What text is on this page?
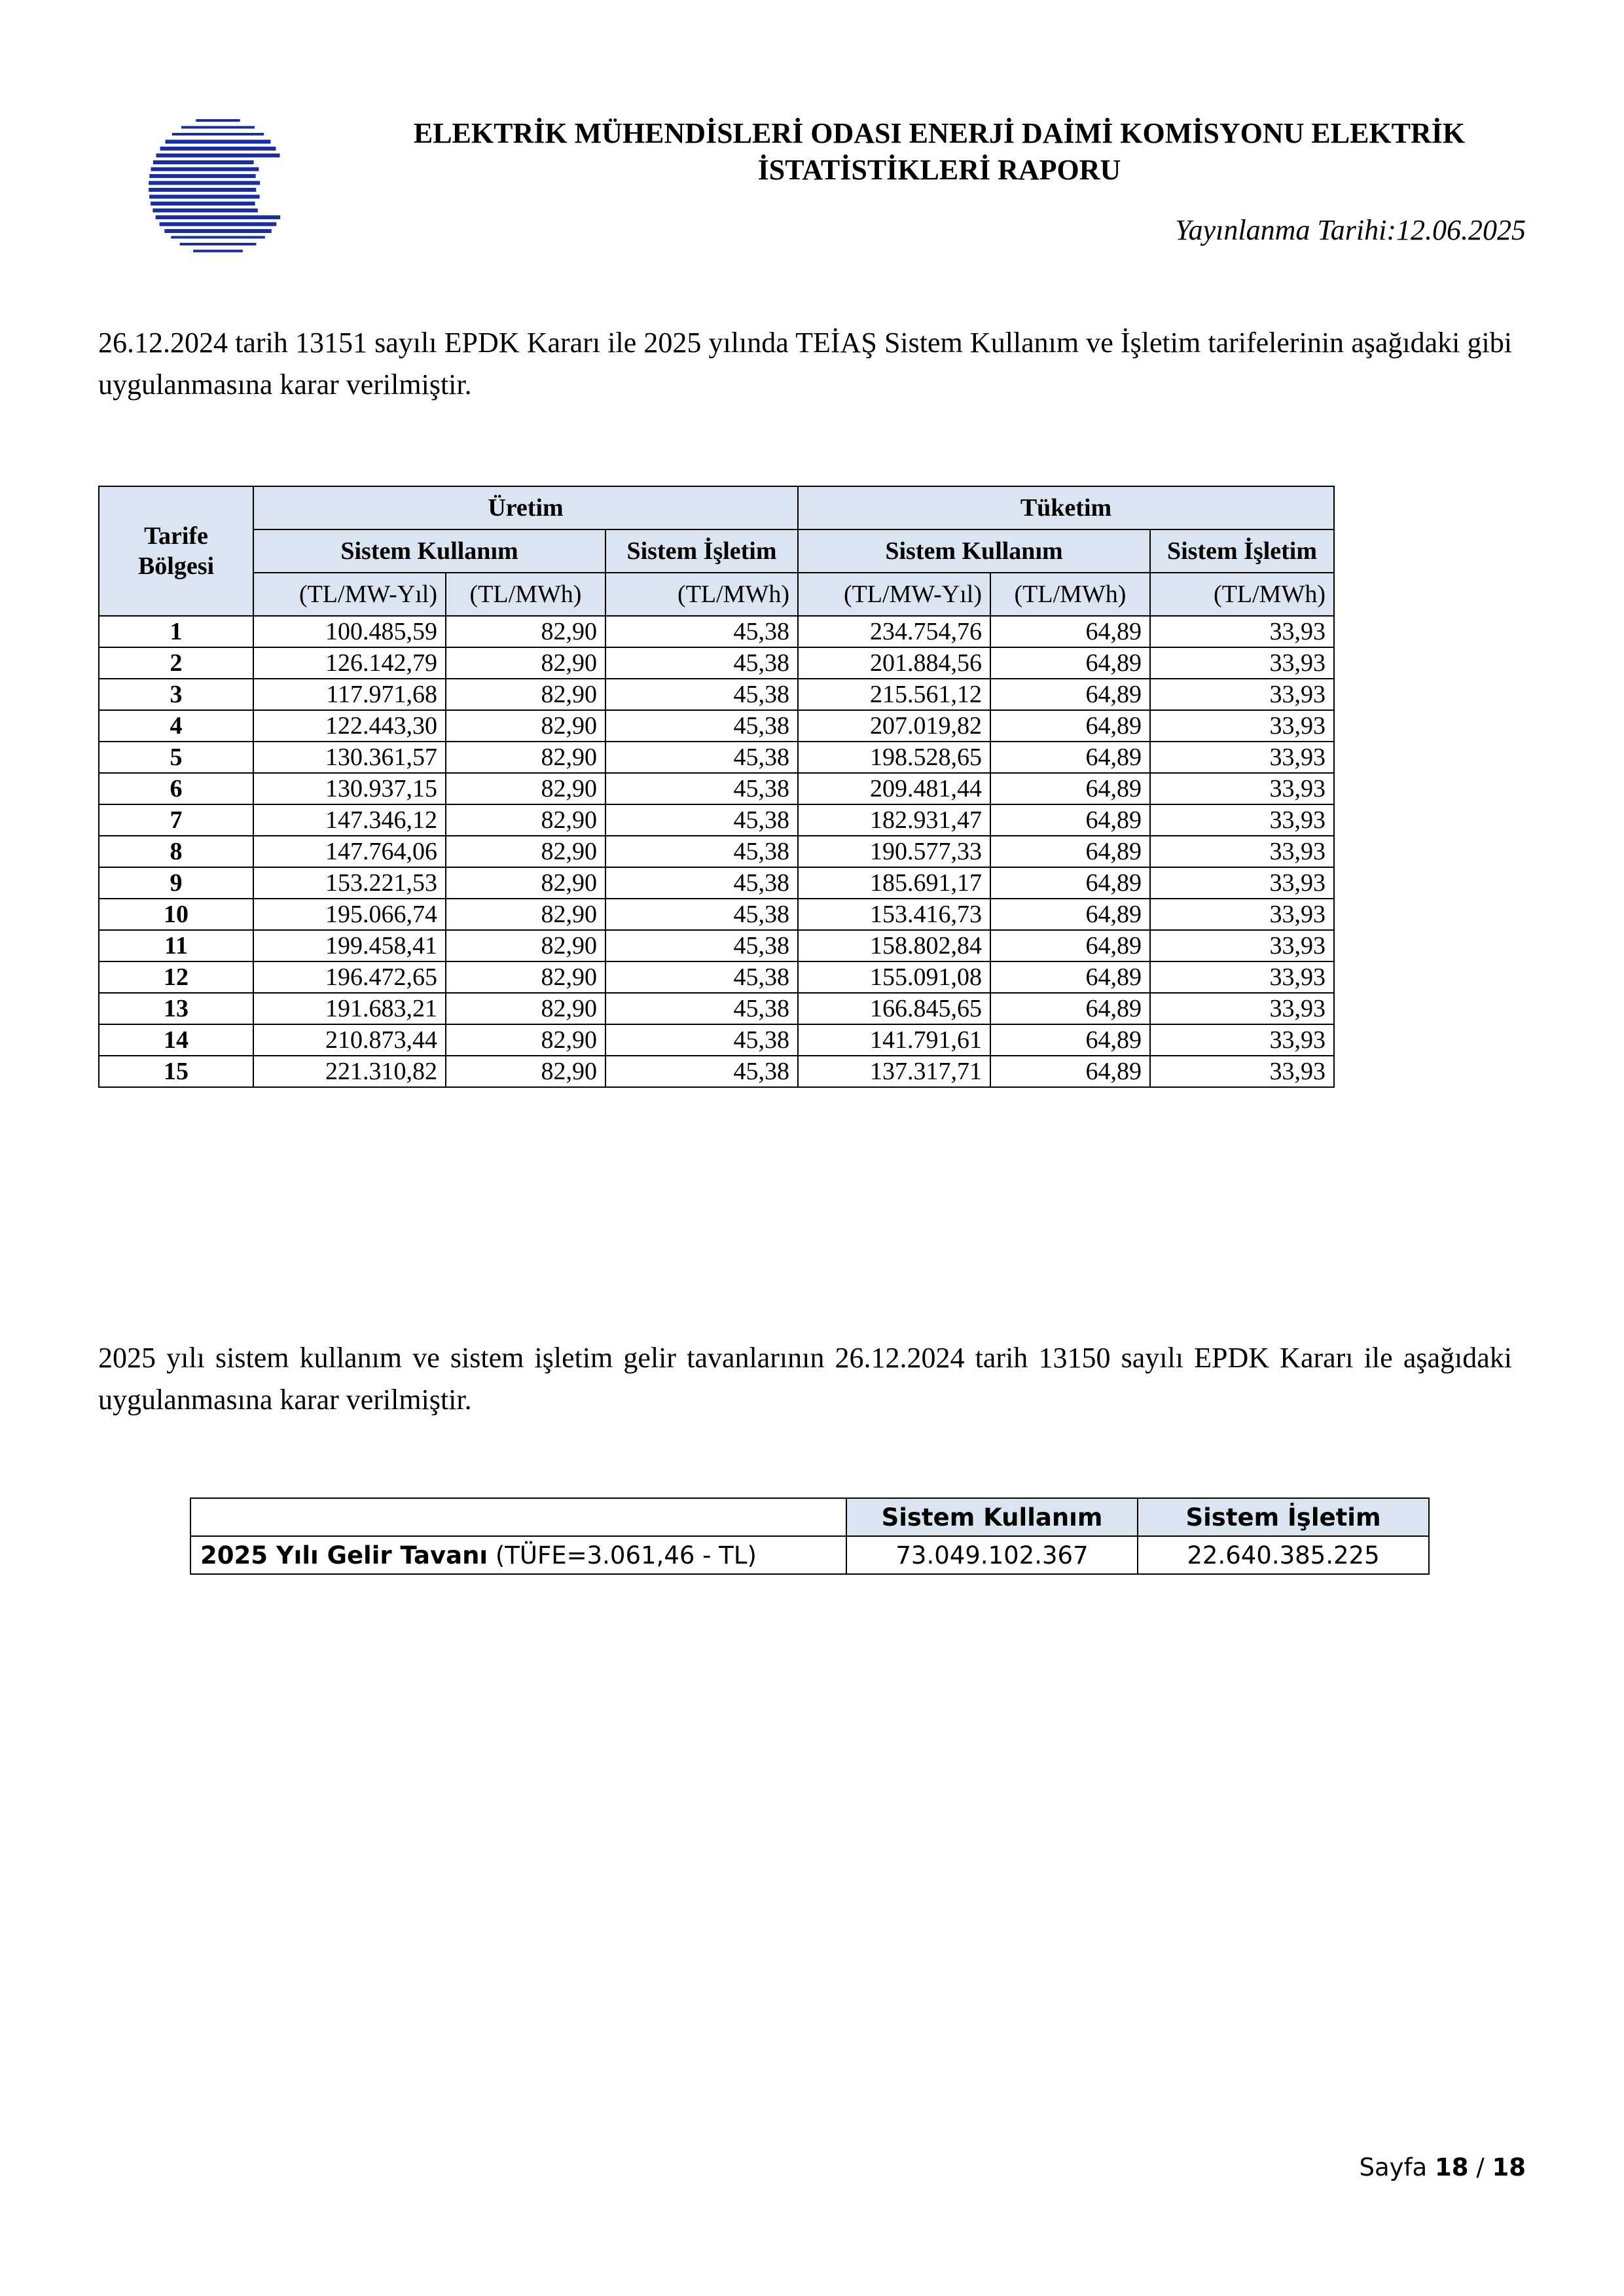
ELEKTRİK MÜHENDİSLERİ ODASI ENERJİ DAİMİ KOMİSYONU ELEKTRİK
İSTATİSTİKLERİ RAPORU
Yayınlanma Tarihi:12.06.2025
26.12.2024 tarih 13151 sayılı EPDK Kararı ile 2025 yılında TEİAŞ Sistem Kullanım ve İşletim tarifelerinin aşağıdaki gibi uygulanmasına karar verilmiştir.
Tarife
Bölgesi	Üretim			Tüketim		
	Sistem Kullanım		Sistem İşletim	Sistem Kullanım		Sistem İşletim
	(TL/MW-Yıl)	(TL/MWh)	(TL/MWh)	(TL/MW-Yıl)	(TL/MWh)	(TL/MWh)
1	100.485,59	82,90	45,38	234.754,76	64,89	33,93
2	126.142,79	82,90	45,38	201.884,56	64,89	33,93
3	117.971,68	82,90	45,38	215.561,12	64,89	33,93
4	122.443,30	82,90	45,38	207.019,82	64,89	33,93
5	130.361,57	82,90	45,38	198.528,65	64,89	33,93
6	130.937,15	82,90	45,38	209.481,44	64,89	33,93
7	147.346,12	82,90	45,38	182.931,47	64,89	33,93
8	147.764,06	82,90	45,38	190.577,33	64,89	33,93
9	153.221,53	82,90	45,38	185.691,17	64,89	33,93
10	195.066,74	82,90	45,38	153.416,73	64,89	33,93
11	199.458,41	82,90	45,38	158.802,84	64,89	33,93
12	196.472,65	82,90	45,38	155.091,08	64,89	33,93
13	191.683,21	82,90	45,38	166.845,65	64,89	33,93
14	210.873,44	82,90	45,38	141.791,61	64,89	33,93
15	221.310,82	82,90	45,38	137.317,71	64,89	33,93
2025 yılı sistem kullanım ve sistem işletim gelir tavanlarının 26.12.2024 tarih 13150 sayılı EPDK Kararı ile aşağıdaki uygulanmasına karar verilmiştir.
	Sistem Kullanım	Sistem İşletim
2025 Yılı Gelir Tavanı (TÜFE=3.061,46 - TL)	73.049.102.367	22.640.385.225
Sayfa 18 / 18
